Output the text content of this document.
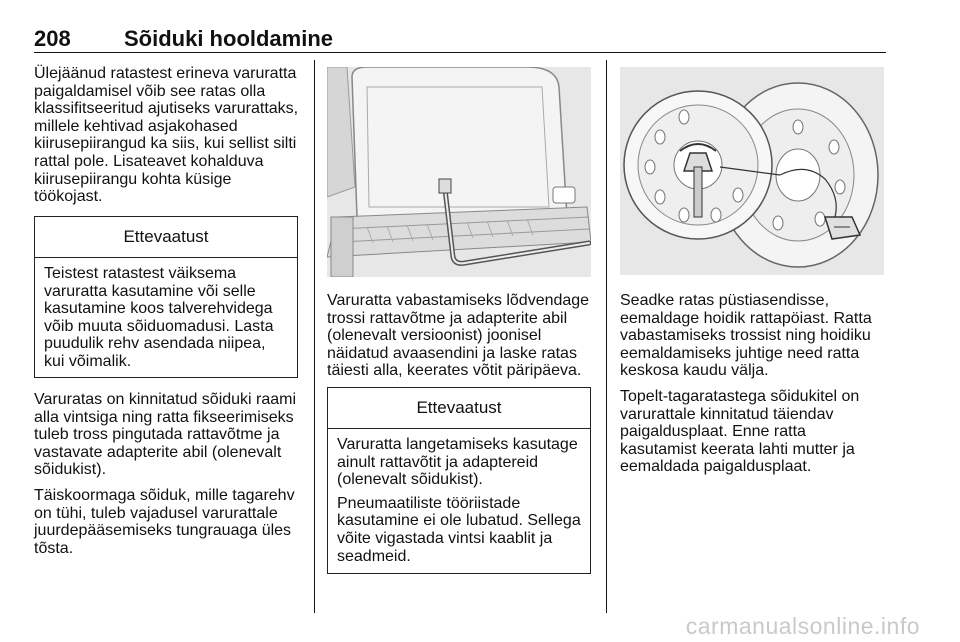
208 Sõiduki hooldamine

Ülejäänud ratastest erineva varuratta
paigaldamisel võib see ratas olla
klassifitseeritud ajutiseks varurattaks,
millele kehtivad asjakohased
kiirusepiirangud ka siis, kui sellist silti
rattal pole. Lisateavet kohalduva
kiirusepiirangu kohta küsige
töökojast.

Ettevaatust

Teistest ratastest väiksema
varuratta kasutamine või selle
kasutamine koos talverehvidega
võib muuta sõiduomadusi. Lasta
puudulik rehv asendada niipea,
kui võimalik.

Varuratas on kinnitatud sõiduki raami
alla vintsiga ning ratta fikseerimiseks
tuleb tross pingutada rattavõtme ja
vastavate adapterite abil (olenevalt
sõidukist).

Täiskoormaga sõiduk, mille tagarehv
on tühi, tuleb vajadusel varurattale
juurdepääsemiseks tungrauaga üles
tõsta.

Varuratta vabastamiseks lõdvendage
trossi rattavõtme ja adapterite abil
(olenevalt versioonist) joonisel
näidatud avaasendini ja laske ratas
täiesti alla, keerates võtit päripäeva.

Ettevaatust

Varuratta langetamiseks kasutage
ainult rattavõtit ja adaptereid
(olenevalt sõidukist).

Pneumaatiliste tööriistade
kasutamine ei ole lubatud. Sellega
võite vigastada vintsi kaablit ja
seadmeid.

Seadke ratas püstiasendisse,
eemaldage hoidik rattapöiast. Ratta
vabastamiseks trossist ning hoidiku
eemaldamiseks juhtige need ratta
keskosa kaudu välja.

Topelt-tagaratastega sõidukitel on
varurattale kinnitatud täiendav
paigaldusplaat. Enne ratta
kasutamist keerata lahti mutter ja
eemaldada paigaldusplaat.

carmanualsonline.info
